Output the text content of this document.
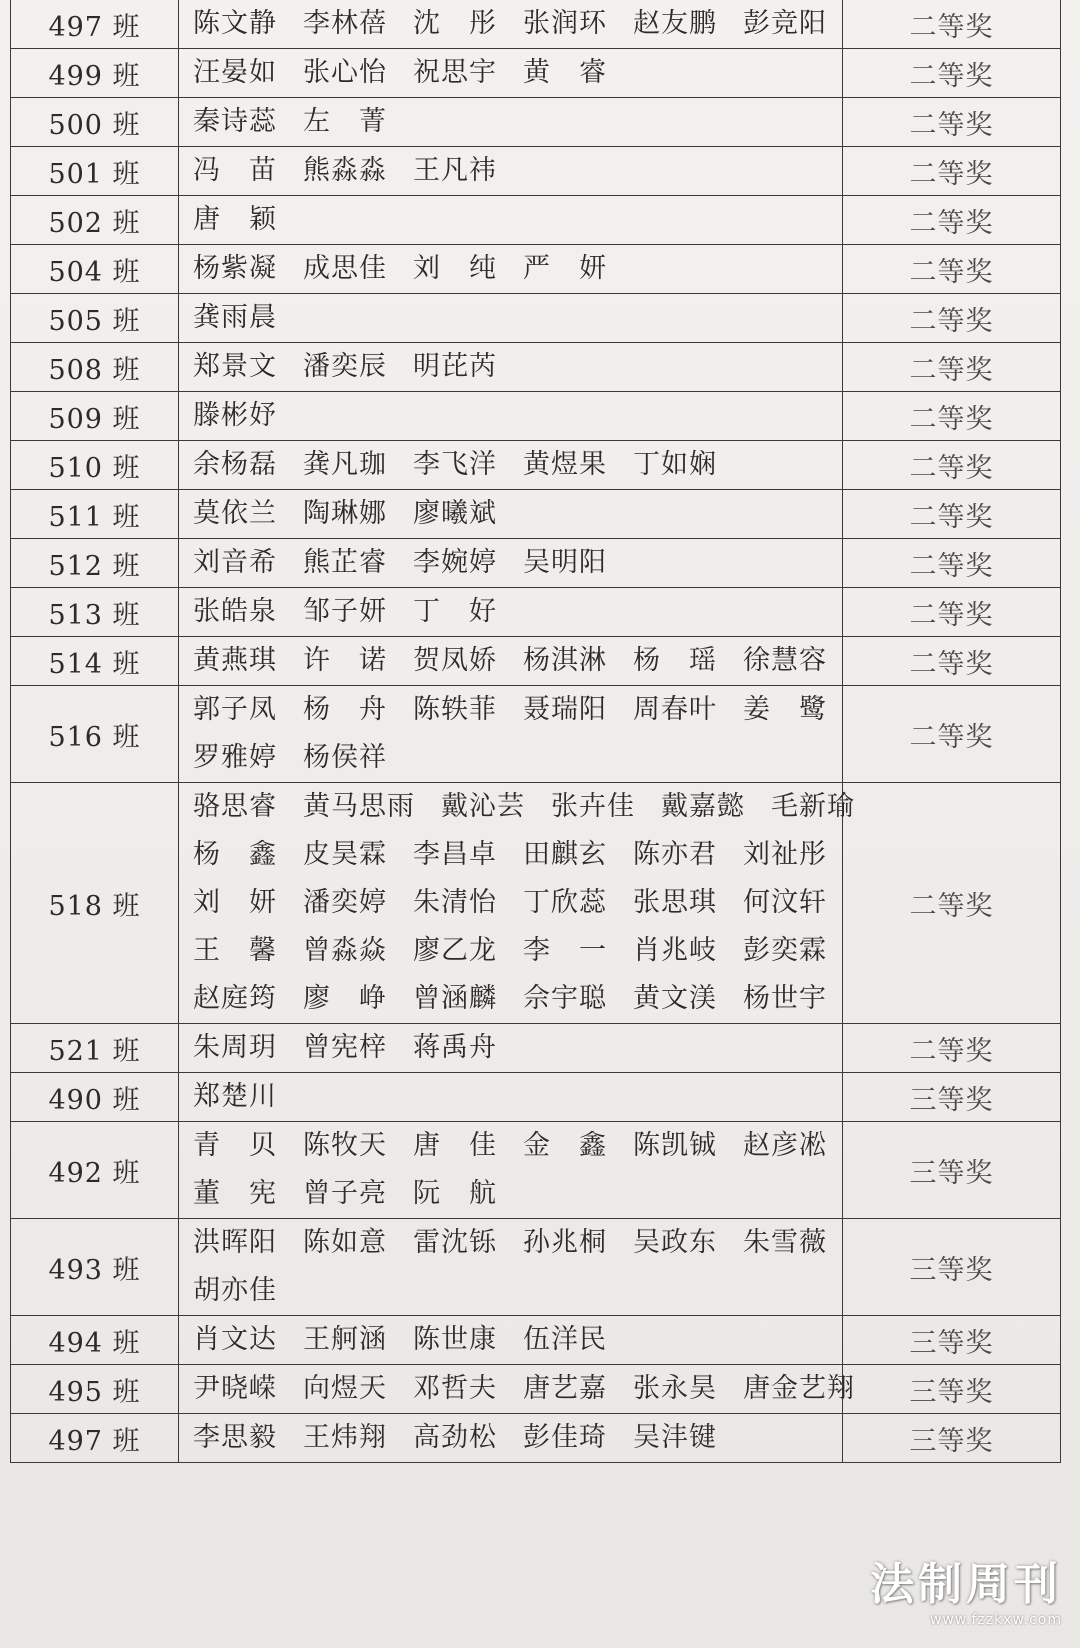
497 班	陈文静 李林蓓 沈　彤 张润环 赵友鹏 彭竞阳	二等奖
499 班	汪晏如 张心怡 祝思宇 黄　睿	二等奖
500 班	秦诗蕊 左　菁	二等奖
501 班	冯　苗 熊淼淼 王凡祎	二等奖
502 班	唐　颖	二等奖
504 班	杨紫凝 成思佳 刘　纯 严　妍	二等奖
505 班	龚雨晨	二等奖
508 班	郑景文 潘奕辰 明芘芮	二等奖
509 班	滕彬妤	二等奖
510 班	余杨磊 龚凡珈 李飞洋 黄煜果 丁如娴	二等奖
511 班	莫依兰 陶琳娜 廖曦斌	二等奖
512 班	刘音希 熊芷睿 李婉婷 吴明阳	二等奖
513 班	张皓泉 邹子妍 丁　好	二等奖
514 班	黄燕琪 许　诺 贺凤娇 杨淇淋 杨　瑶 徐慧容	二等奖
516 班	郭子凤 杨　舟 陈轶菲 聂瑞阳 周春叶 姜　鹭
罗雅婷 杨侯祥	二等奖
518 班	骆思睿 黄马思雨 戴沁芸 张卉佳 戴嘉懿 毛新瑜
杨　鑫 皮昊霖 李昌卓 田麒玄 陈亦君 刘祉彤
刘　妍 潘奕婷 朱清怡 丁欣蕊 张思琪 何汶轩
王　馨 曾淼焱 廖乙龙 李　一 肖兆岐 彭奕霖
赵庭筠 廖　峥 曾涵麟 佘宇聪 黄文渼 杨世宇	二等奖
521 班	朱周玥 曾宪梓 蒋禹舟	二等奖
490 班	郑楚川	三等奖
492 班	青　贝 陈牧天 唐　佳 金　鑫 陈凯铖 赵彦凇
董　宪 曾子亮 阮　航	三等奖
493 班	洪晖阳 陈如意 雷沈铄 孙兆桐 吴政东 朱雪薇
胡亦佳	三等奖
494 班	肖文达 王舸涵 陈世康 伍洋民	三等奖
495 班	尹晓嵘 向煜天 邓哲夫 唐艺嘉 张永昊 唐金艺翔	三等奖
497 班	李思毅 王炜翔 高劲松 彭佳琦 吴沣键	三等奖
法制周刊
www.fzzkxw.com
